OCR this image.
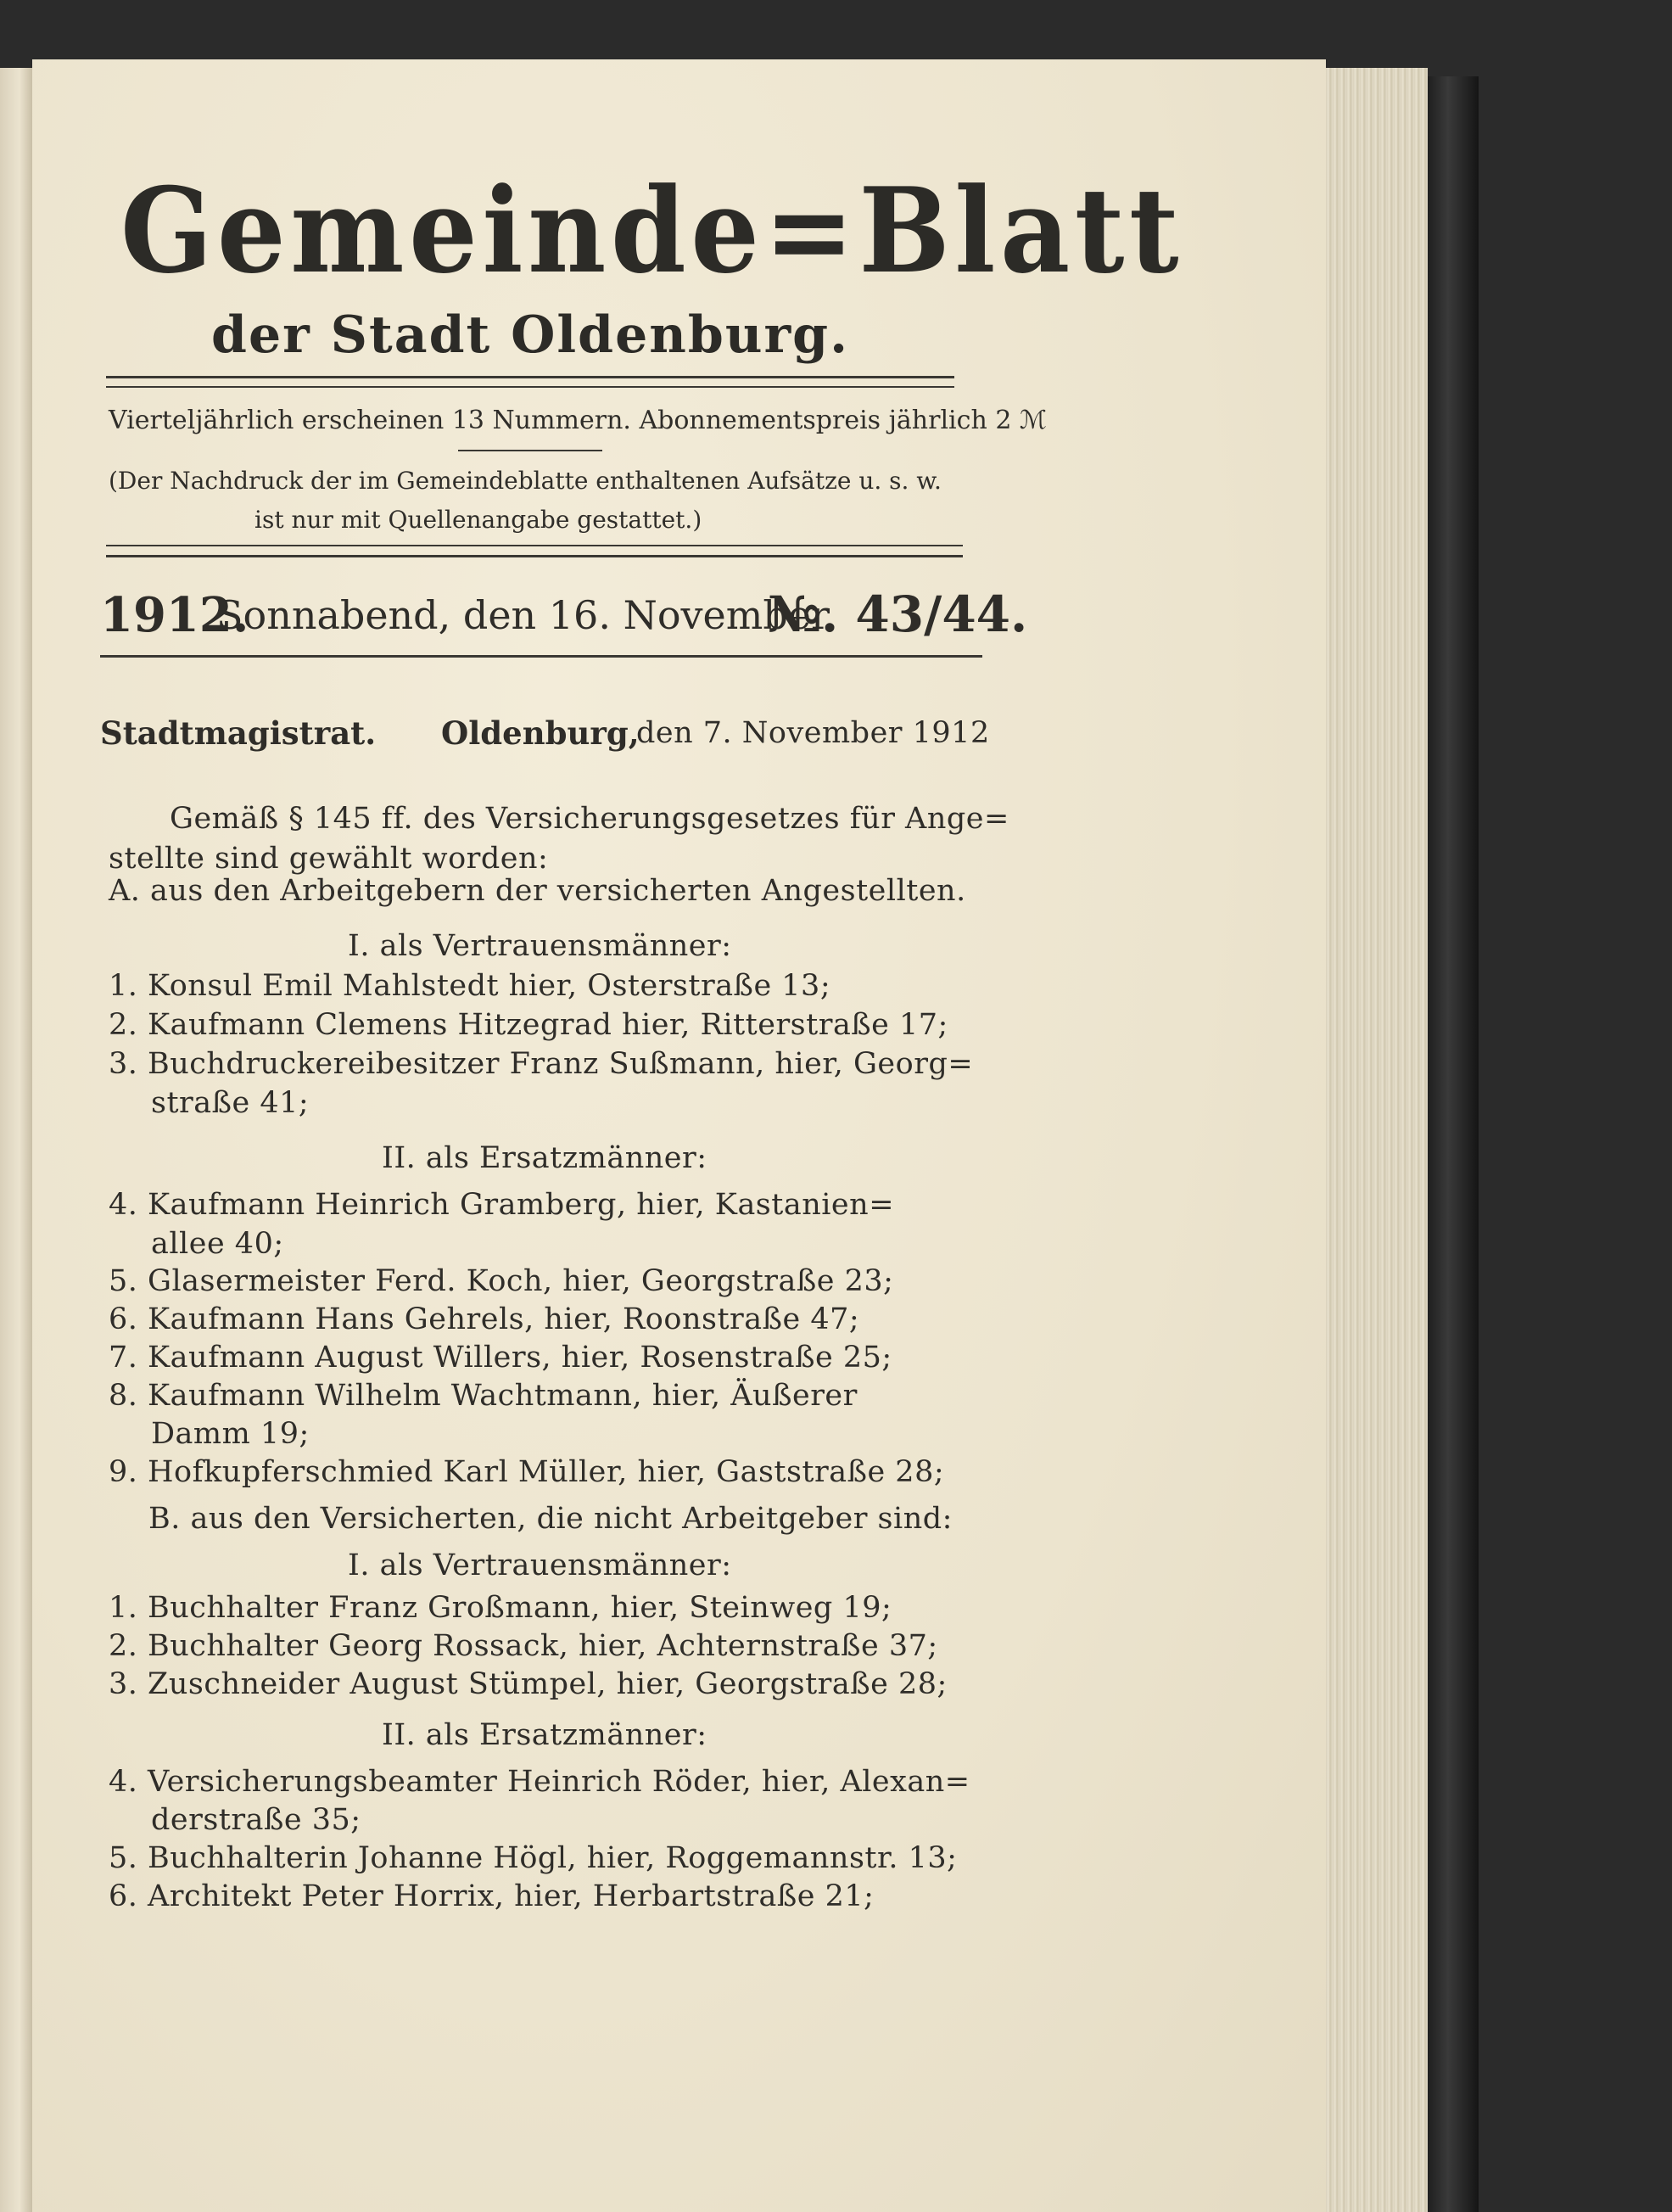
Gemeinde=Blatt
der Stadt Oldenburg.
Vierteljährlich erscheinen 13 Nummern. Abonnementspreis jährlich 2 ℳ
(Der Nachdruck der im Gemeindeblatte enthaltenen Aufsätze u. s. w.
ist nur mit Quellenangabe gestattet.)
1912.
Sonnabend, den 16. November.
№. 43/44.
Stadtmagistrat. Oldenburg,
den 7. November 1912
Gemäß § 145 ff. des Versicherungsgesetzes für Ange=
stellte sind gewählt worden:
A. aus den Arbeitgebern der versicherten Angestellten.
I. als Vertrauensmänner:
1. Konsul Emil Mahlstedt hier, Osterstraße 13;
2. Kaufmann Clemens Hitzegrad hier, Ritterstraße 17;
3. Buchdruckereibesitzer Franz Sußmann, hier, Georg=
straße 41;
II. als Ersatzmänner:
4. Kaufmann Heinrich Gramberg, hier, Kastanien=
allee 40;
5. Glasermeister Ferd. Koch, hier, Georgstraße 23;
6. Kaufmann Hans Gehrels, hier, Roonstraße 47;
7. Kaufmann August Willers, hier, Rosenstraße 25;
8. Kaufmann Wilhelm Wachtmann, hier, Äußerer
Damm 19;
9. Hofkupferschmied Karl Müller, hier, Gaststraße 28;
B. aus den Versicherten, die nicht Arbeitgeber sind:
I. als Vertrauensmänner:
1. Buchhalter Franz Großmann, hier, Steinweg 19;
2. Buchhalter Georg Rossack, hier, Achternstraße 37;
3. Zuschneider August Stümpel, hier, Georgstraße 28;
II. als Ersatzmänner:
4. Versicherungsbeamter Heinrich Röder, hier, Alexan=
derstraße 35;
5. Buchhalterin Johanne Högl, hier, Roggemannstr. 13;
6. Architekt Peter Horrix, hier, Herbartstraße 21;
